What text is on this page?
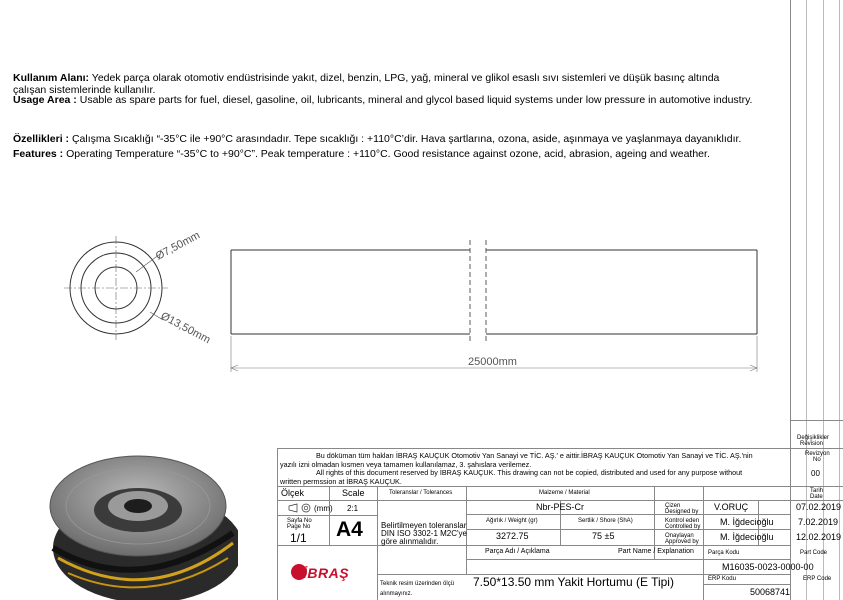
Kullanım Alanı: Yedek parça olarak otomotiv endüstrisinde yakıt, dizel, benzin, LPG, yağ, mineral ve glikol esaslı sıvı sistemleri ve düşük basınç altında
çalışan sistemlerinde kullanılır.
Usage Area : Usable as spare parts for fuel, diesel, gasoline, oil, lubricants, mineral and glycol based liquid systems under low pressure in automotive industry.
Özellikleri : Çalışma Sıcaklığı “-35°C ile +90°C arasındadır. Tepe sıcaklığı : +110°C’dir. Hava şartlarına, ozona, aside, aşınmaya ve yaşlanmaya dayanıklıdır.
Features : Operating Temperature “-35°C to +90°C”. Peak temperature : +110°C. Good resistance against ozone, acid, abrasion, ageing and weather.
Ø7,50mm
Ø13,50mm
25000mm
Bu döküman tüm hakları İBRAŞ KAUÇUK Otomotiv Yan Sanayi ve TİC. AŞ.' e aittir.İBRAŞ KAUÇUK Otomotiv Yan Sanayi ve TİC. AŞ.'nin
yazılı izni olmadan kısmen veya tamamen kullanılamaz, 3. şahıslara verilemez.
All rights of this document reserved by İBRAŞ KAUÇUK. This drawing can not be copied, distributed and used for any purpose without
written permssion at İBRAŞ KAUÇUK.
Değişiklikler
Revision
Revizyon
No
00
Tarih
Date
Ölçek	Scale
(mm) 2:1
Sayfa No
Page No
1/1 A4
Toleranslar / Tolerances
Belirtilmeyen toleranslar
DIN ISO 3302-1 M2C'ye
göre alınmalıdır.
Malzeme / Material
Nbr-PES-Cr
Ağırlık / Weight (gr)
3272.75
Sertlik / Shore (ShA)
75 ±5
Çizen
Designed by V.ORUÇ	07.02.2019
Kontrol eden
Controlled by M. İğdecioğlu	7.02.2019
Onaylayan
Approved by M. İğdecioğlu 12.02.2019
Parça Adı / Açıklama	Part Name / Explanation
7.50*13.50 mm Yakit Hortumu (E Tipi)
Teknik resim üzerinden ölçü
alınmayınız.
Parça Kodu	Part Code
M16035-0023-0000-00
ERP Kodu	ERP Code
50068741
İBRAŞ
